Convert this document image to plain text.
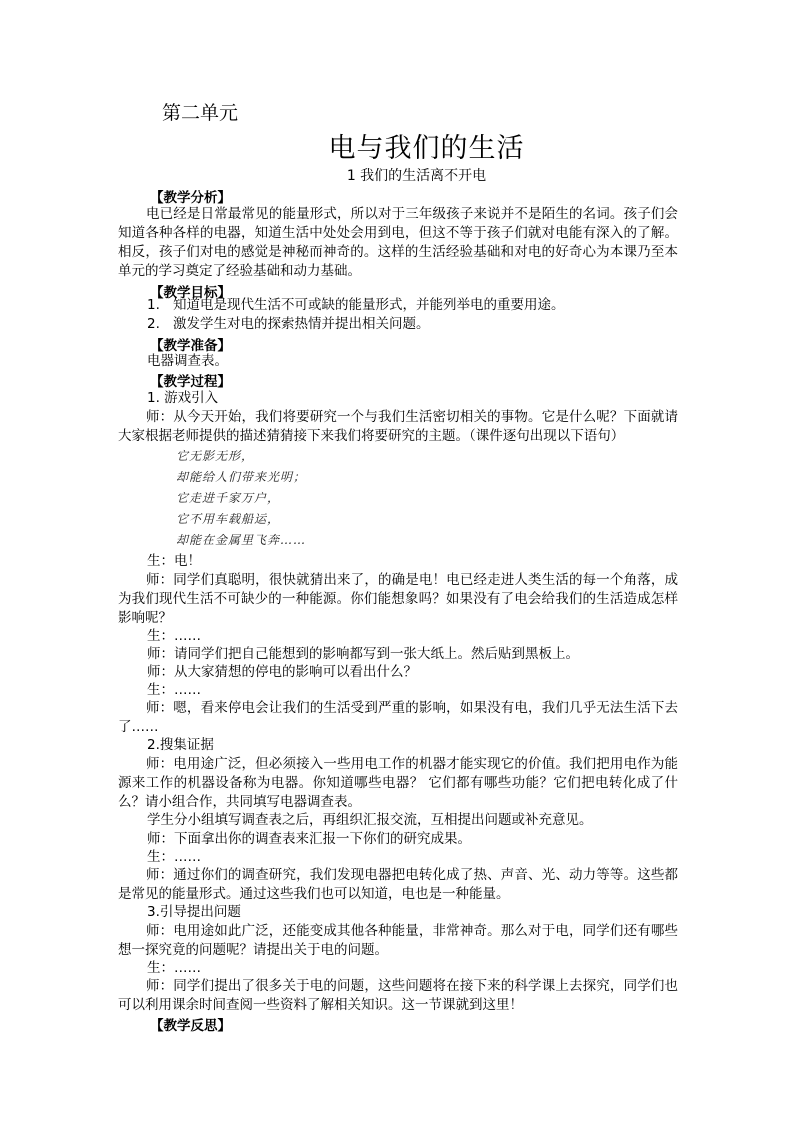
第二单元
电与我们的生活
1 我们的生活离不开电
【教学分析】

电已经是日常最常见的能量形式，所以对于三年级孩子来说并不是陌生的名词。孩子们会知道各种各样的电器，知道生活中处处会用到电，但这不等于孩子们就对电能有深入的了解。相反，孩子们对电的感觉是神秘而神奇的。这样的生活经验基础和对电的好奇心为本课乃至本单元的学习奠定了经验基础和动力基础。

【教学目标】
1. 知道电是现代生活不可或缺的能量形式，并能列举电的重要用途。
2. 激发学生对电的探索热情并提出相关问题。
【教学准备】
电器调查表。
【教学过程】
1. 游戏引入

师：从今天开始，我们将要研究一个与我们生活密切相关的事物。它是什么呢？下面就请大家根据老师提供的描述猜猜接下来我们将要研究的主题。（课件逐句出现以下语句）

它无影无形，
却能给人们带来光明；
它走进千家万户，
它不用车载船运，
却能在金属里飞奔……
生：电！

师：同学们真聪明，很快就猜出来了，的确是电！电已经走进人类生活的每一个角落，成为我们现代生活不可缺少的一种能源。你们能想象吗？如果没有了电会给我们的生活造成怎样影响呢？

生：……
师：请同学们把自己能想到的影响都写到一张大纸上。然后贴到黑板上。
师：从大家猜想的停电的影响可以看出什么？
生：……

师：嗯，看来停电会让我们的生活受到严重的影响，如果没有电，我们几乎无法生活下去了……

2.搜集证据

师：电用途广泛，但必须接入一些用电工作的机器才能实现它的价值。我们把用电作为能源来工作的机器设备称为电器。你知道哪些电器？ 它们都有哪些功能？它们把电转化成了什么？请小组合作，共同填写电器调查表。

学生分小组填写调查表之后，再组织汇报交流，互相提出问题或补充意见。
师：下面拿出你的调查表来汇报一下你们的研究成果。
生：……

师：通过你们的调查研究，我们发现电器把电转化成了热、声音、光、动力等等。这些都是常见的能量形式。通过这些我们也可以知道，电也是一种能量。

3.引导提出问题

师：电用途如此广泛，还能变成其他各种能量，非常神奇。那么对于电，同学们还有哪些想一探究竟的问题呢？请提出关于电的问题。

生：……

师：同学们提出了很多关于电的问题，这些问题将在接下来的科学课上去探究，同学们也可以利用课余时间查阅一些资料了解相关知识。这一节课就到这里！

【教学反思】
